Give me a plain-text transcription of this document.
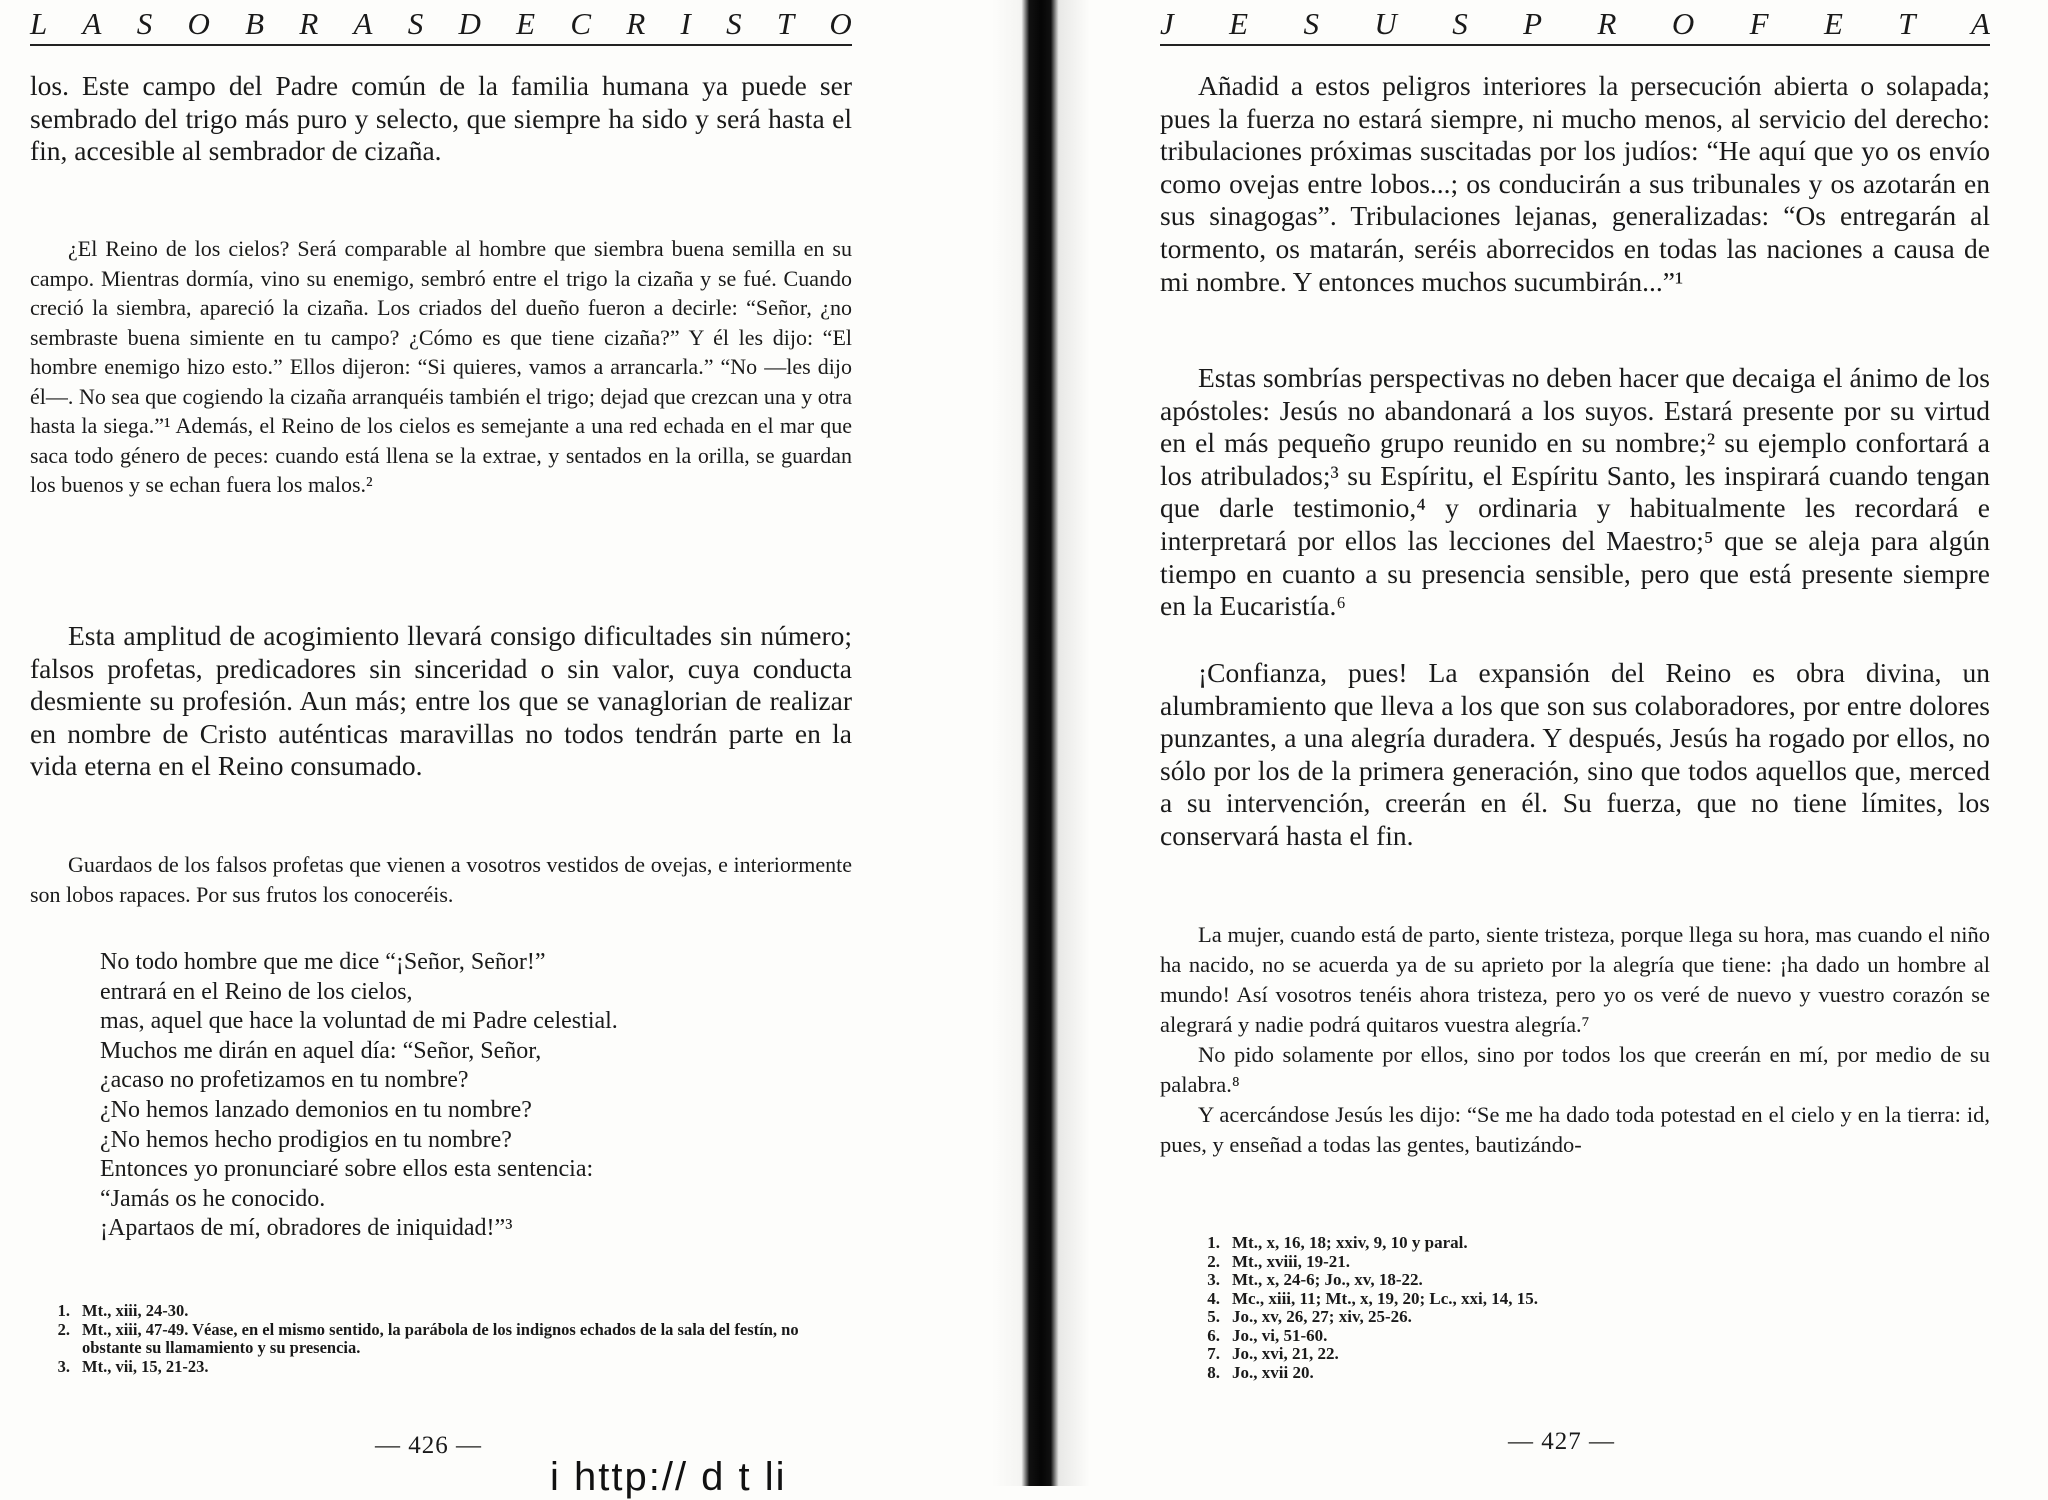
L A S O B R A S D E C R I S T O

los. Este campo del Padre común de la familia humana ya puede ser sembrado del trigo más puro y selecto, que siempre ha sido y será hasta el fin, accesible al sembrador de cizaña.

¿El Reino de los cielos? Será comparable al hombre que siembra buena semilla en su campo. Mientras dormía, vino su enemigo, sembró entre el trigo la cizaña y se fué. Cuando creció la siembra, apareció la cizaña. Los criados del dueño fueron a decirle: “Señor, ¿no sembraste buena simiente en tu campo? ¿Cómo es que tiene cizaña?” Y él les dijo: “El hombre enemigo hizo esto.” Ellos dijeron: “Si quieres, vamos a arrancarla.” “No —les dijo él—. No sea que cogiendo la cizaña arranquéis también el trigo; dejad que crezcan una y otra hasta la siega.”¹ Además, el Reino de los cielos es semejante a una red echada en el mar que saca todo género de peces: cuando está llena se la extrae, y sentados en la orilla, se guardan los buenos y se echan fuera los malos.²

Esta amplitud de acogimiento llevará consigo dificultades sin número; falsos profetas, predicadores sin sinceridad o sin valor, cuya conducta desmiente su profesión. Aun más; entre los que se vanaglorian de realizar en nombre de Cristo auténticas maravillas no todos tendrán parte en la vida eterna en el Reino consumado.

Guardaos de los falsos profetas que vienen a vosotros vestidos de ovejas, e interiormente son lobos rapaces. Por sus frutos los conoceréis.

No todo hombre que me dice “¡Señor, Señor!”
entrará en el Reino de los cielos,
mas, aquel que hace la voluntad de mi Padre celestial.
Muchos me dirán en aquel día: “Señor, Señor,
¿acaso no profetizamos en tu nombre?
¿No hemos lanzado demonios en tu nombre?
¿No hemos hecho prodigios en tu nombre?
Entonces yo pronunciaré sobre ellos esta sentencia:
“Jamás os he conocido.
¡Apartaos de mí, obradores de iniquidad!”³
1. Mt., xiii, 24-30.
2. Mt., xiii, 47-49. Véase, en el mismo sentido, la parábola de los indignos echados de la sala del festín, no obstante su llamamiento y su presencia.
3. Mt., vii, 15, 21-23.
— 426 —
J E S U S P R O F E T A

Añadid a estos peligros interiores la persecución abierta o solapada; pues la fuerza no estará siempre, ni mucho menos, al servicio del derecho: tribulaciones próximas suscitadas por los judíos: “He aquí que yo os envío como ovejas entre lobos...; os conducirán a sus tribunales y os azotarán en sus sinagogas”. Tribulaciones lejanas, generalizadas: “Os entregarán al tormento, os matarán, seréis aborrecidos en todas las naciones a causa de mi nombre. Y entonces muchos sucumbirán...”¹

Estas sombrías perspectivas no deben hacer que decaiga el ánimo de los apóstoles: Jesús no abandonará a los suyos. Estará presente por su virtud en el más pequeño grupo reunido en su nombre;² su ejemplo confortará a los atribulados;³ su Espíritu, el Espíritu Santo, les inspirará cuando tengan que darle testimonio,⁴ y ordinaria y habitualmente les recordará e interpretará por ellos las lecciones del Maestro;⁵ que se aleja para algún tiempo en cuanto a su presencia sensible, pero que está presente siempre en la Eucaristía.⁶

¡Confianza, pues! La expansión del Reino es obra divina, un alumbramiento que lleva a los que son sus colaboradores, por entre dolores punzantes, a una alegría duradera. Y después, Jesús ha rogado por ellos, no sólo por los de la primera generación, sino que todos aquellos que, merced a su intervención, creerán en él. Su fuerza, que no tiene límites, los conservará hasta el fin.

La mujer, cuando está de parto, siente tristeza, porque llega su hora, mas cuando el niño ha nacido, no se acuerda ya de su aprieto por la alegría que tiene: ¡ha dado un hombre al mundo! Así vosotros tenéis ahora tristeza, pero yo os veré de nuevo y vuestro corazón se alegrará y nadie podrá quitaros vuestra alegría.⁷

No pido solamente por ellos, sino por todos los que creerán en mí, por medio de su palabra.⁸

Y acercándose Jesús les dijo: “Se me ha dado toda potestad en el cielo y en la tierra: id, pues, y enseñad a todas las gentes, bautizándo-

1. Mt., x, 16, 18; xxiv, 9, 10 y paral.
2. Mt., xviii, 19-21.
3. Mt., x, 24-6; Jo., xv, 18-22.
4. Mc., xiii, 11; Mt., x, 19, 20; Lc., xxi, 14, 15.
5. Jo., xv, 26, 27; xiv, 25-26.
6. Jo., vi, 51-60.
7. Jo., xvi, 21, 22.
8. Jo., xvii 20.
— 427 —
i http:// d t li
